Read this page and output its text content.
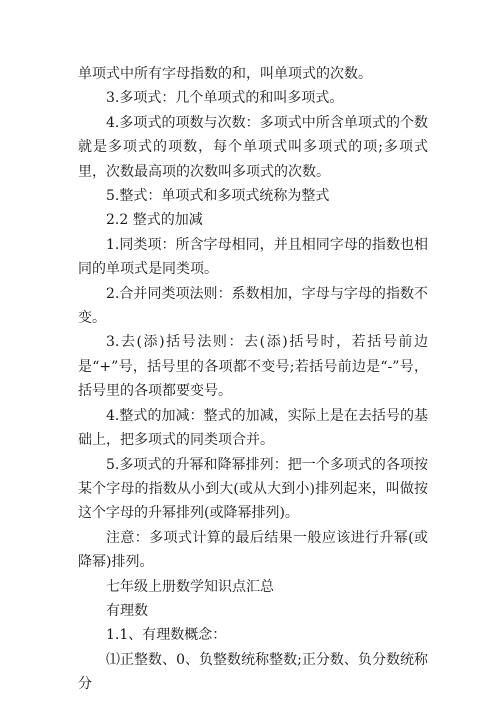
单项式中所有字母指数的和，叫单项式的次数。

3.多项式：几个单项式的和叫多项式。

4.多项式的项数与次数：多项式中所含单项式的个数就是多项式的项数，每个单项式叫多项式的项;多项式里，次数最高项的次数叫多项式的次数。

5.整式：单项式和多项式统称为整式

2.2 整式的加减

1.同类项：所含字母相同，并且相同字母的指数也相同的单项式是同类项。

2.合并同类项法则：系数相加，字母与字母的指数不变。

3.去(添)括号法则：去(添)括号时，若括号前边是“+”号，括号里的各项都不变号;若括号前边是“-”号，括号里的各项都要变号。

4.整式的加减：整式的加减，实际上是在去括号的基础上，把多项式的同类项合并。

5.多项式的升幂和降幂排列：把一个多项式的各项按某个字母的指数从小到大(或从大到小)排列起来，叫做按这个字母的升幂排列(或降幂排列)。

注意：多项式计算的最后结果一般应该进行升幂(或降幂)排列。

七年级上册数学知识点汇总

有理数

1.1、有理数概念：

⑴正整数、0、负整数统称整数;正分数、负分数统称分
